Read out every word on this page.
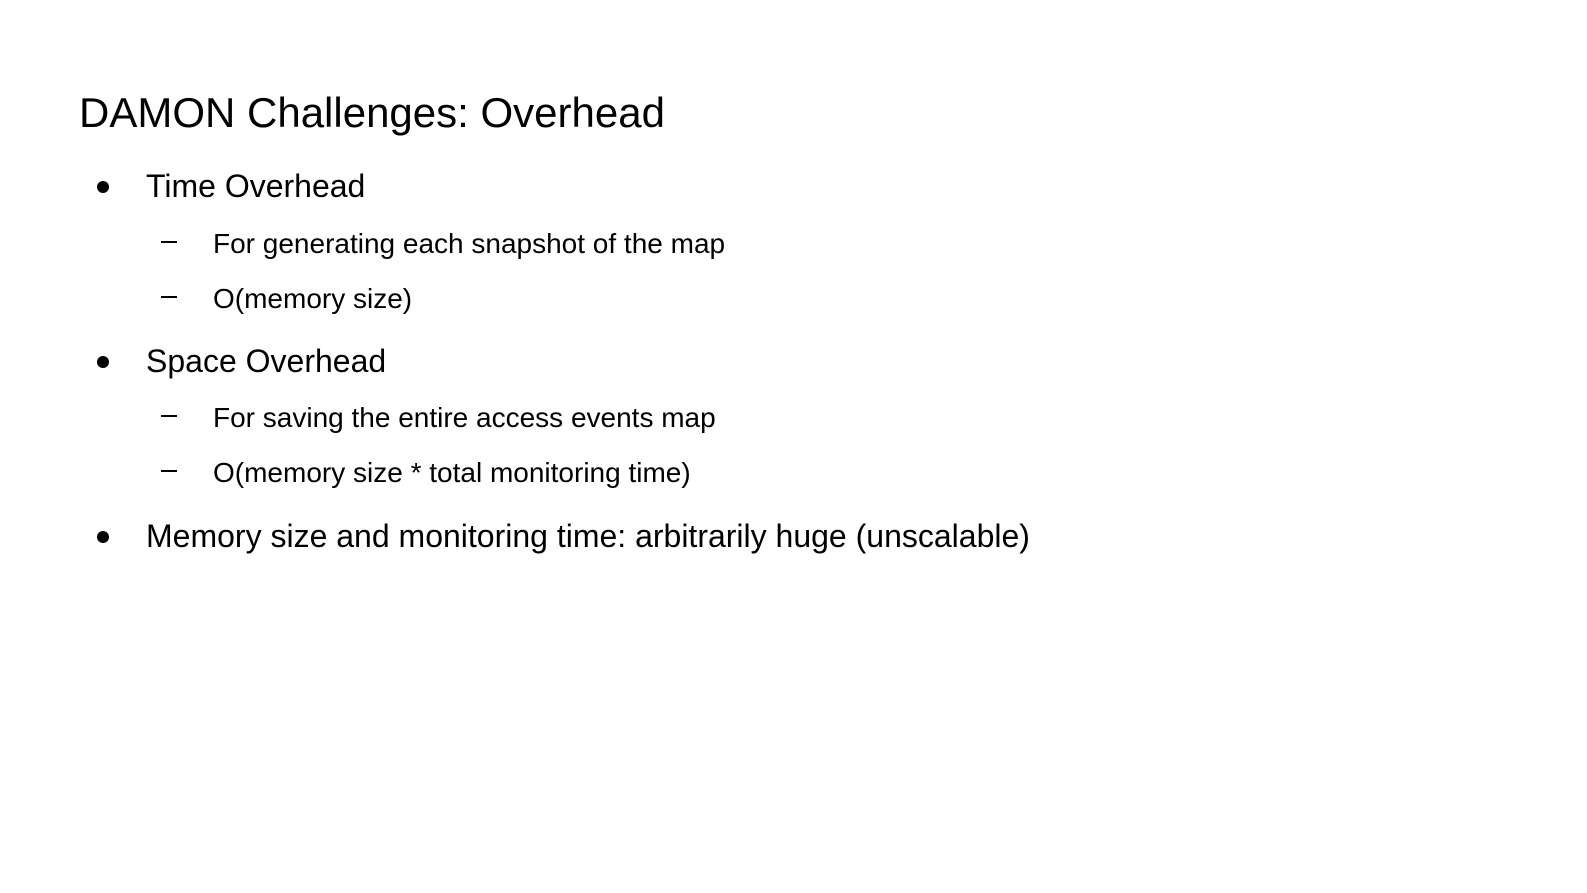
DAMON Challenges: Overhead
Time Overhead
For generating each snapshot of the map
O(memory size)
Space Overhead
For saving the entire access events map
O(memory size * total monitoring time)
Memory size and monitoring time: arbitrarily huge (unscalable)
